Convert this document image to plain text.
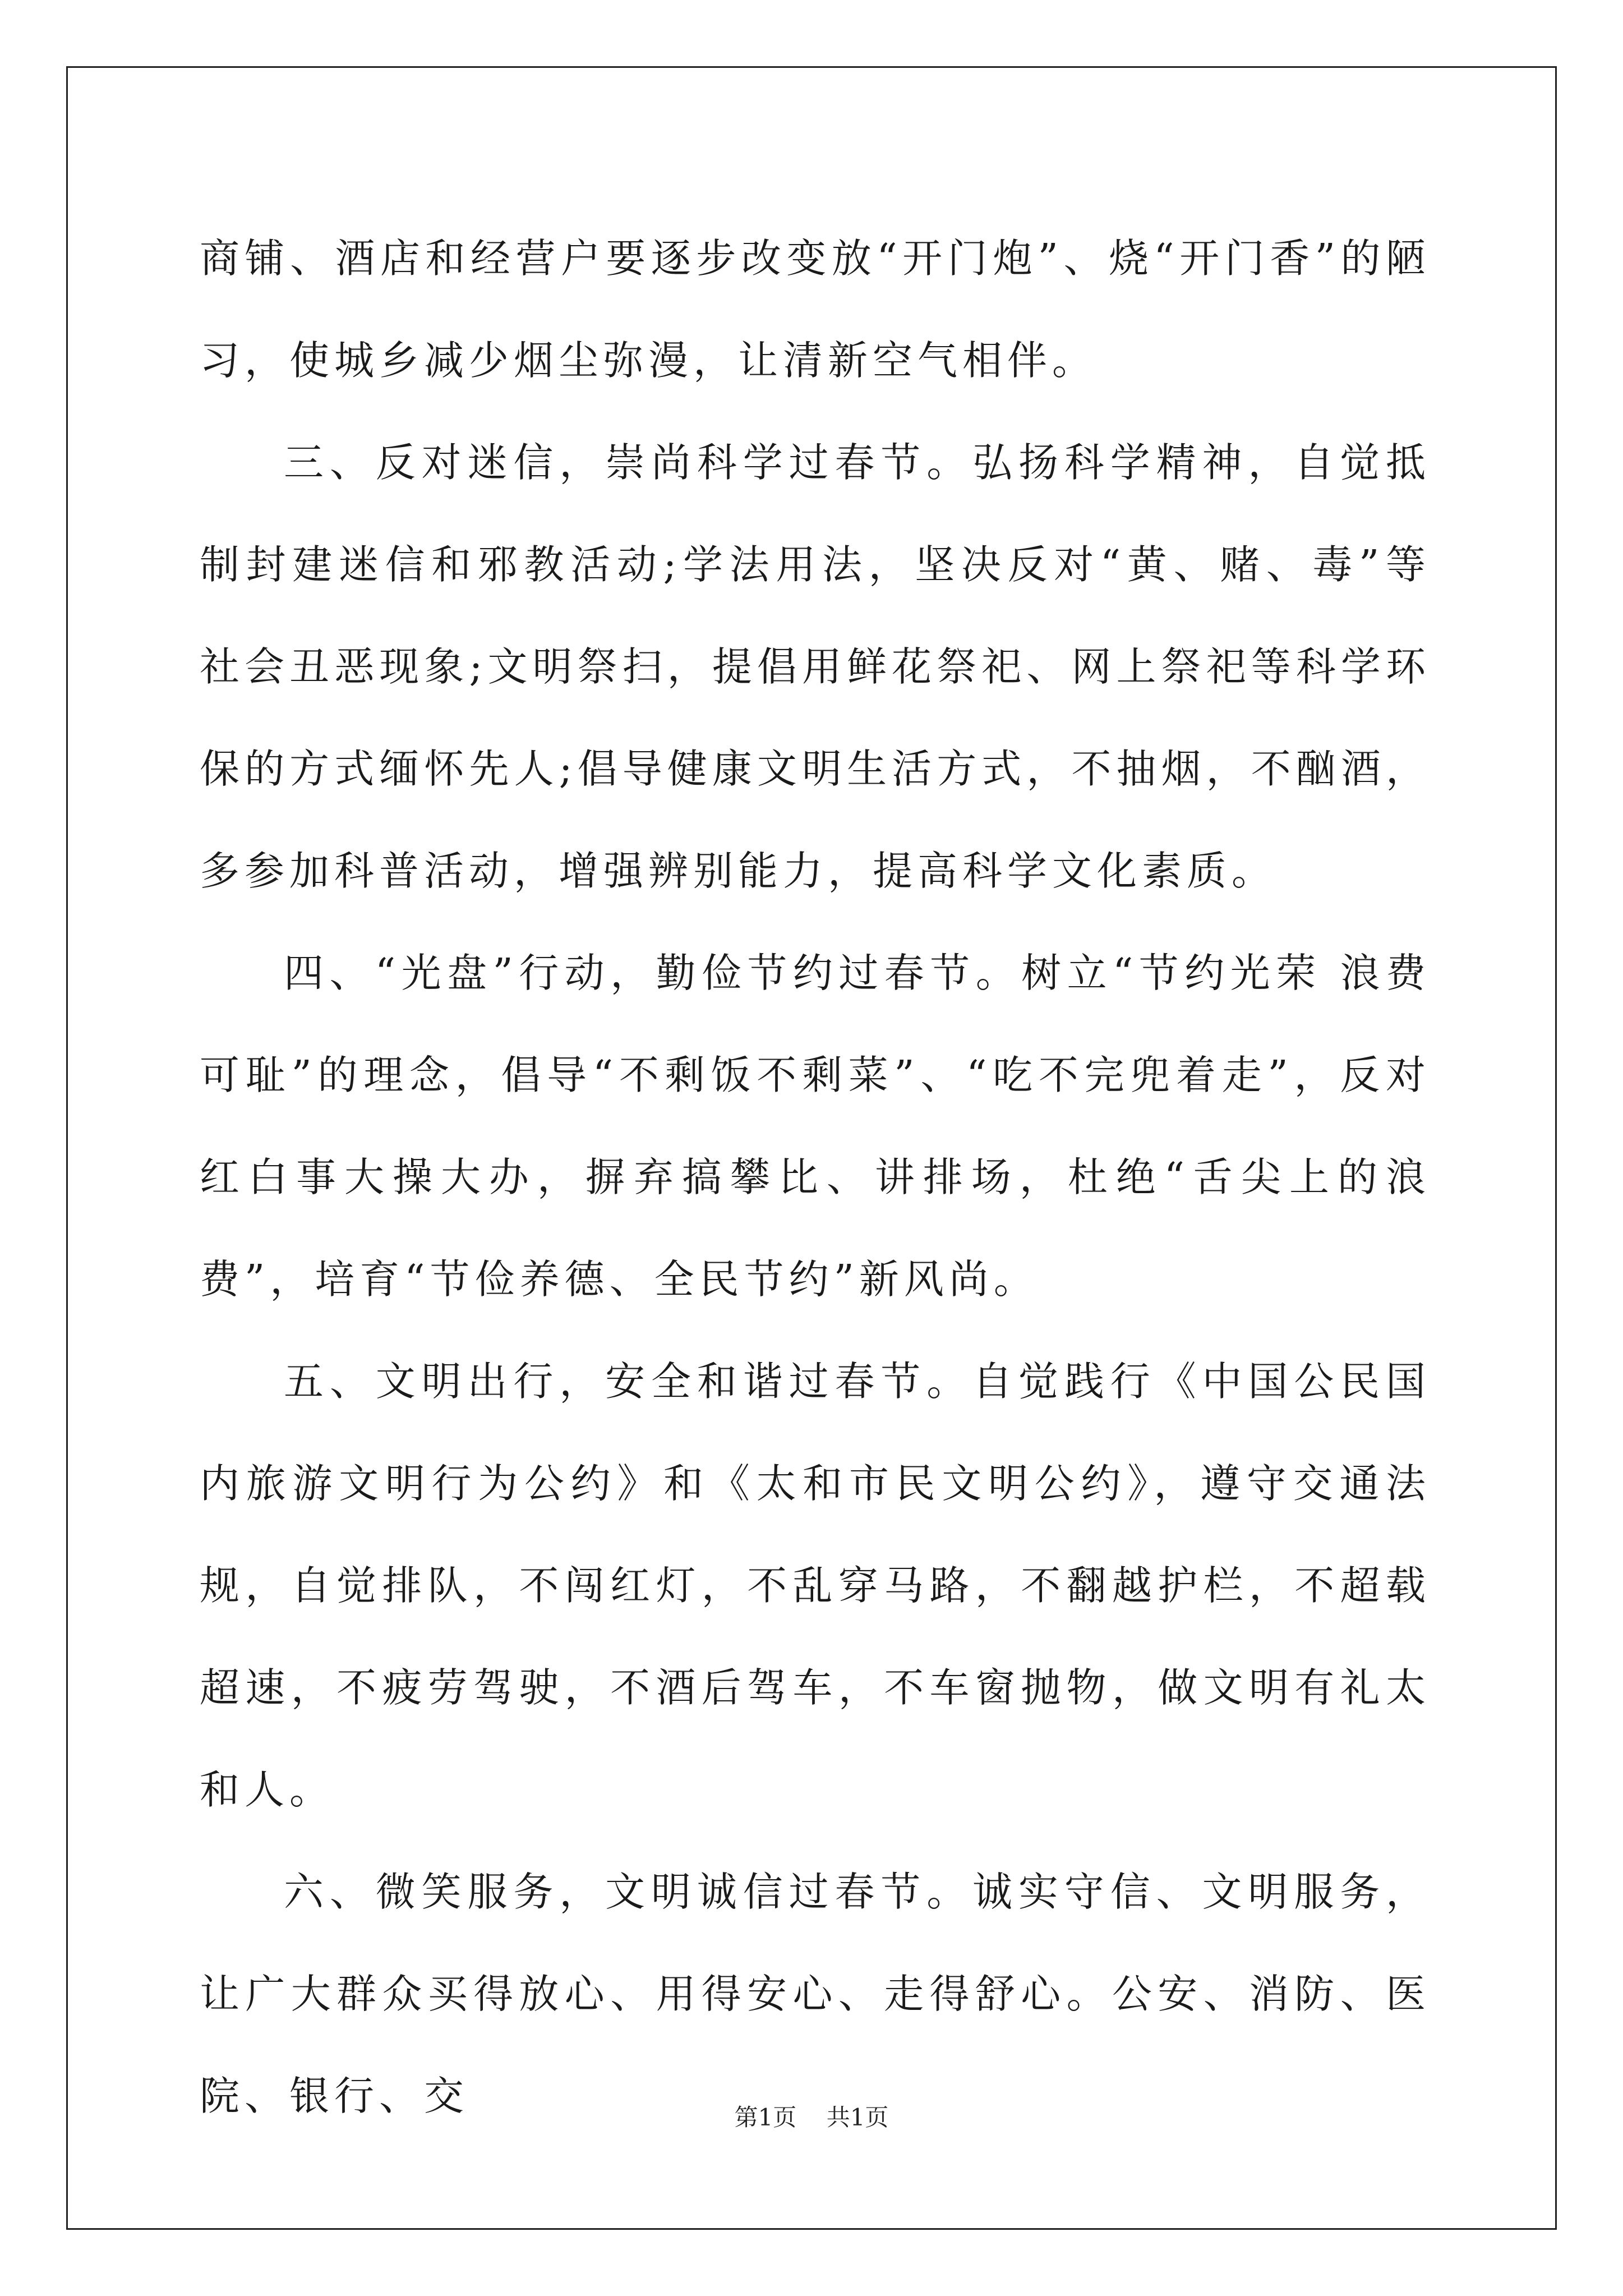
商铺、酒店和经营户要逐步改变放“开门炮”、烧“开门香”的陋习，使城乡减少烟尘弥漫，让清新空气相伴。

三、反对迷信，崇尚科学过春节。弘扬科学精神，自觉抵制封建迷信和邪教活动;学法用法，坚决反对“黄、赌、毒”等社会丑恶现象;文明祭扫，提倡用鲜花祭祀、网上祭祀等科学环保的方式缅怀先人;倡导健康文明生活方式，不抽烟，不酗酒，多参加科普活动，增强辨别能力，提高科学文化素质。

四、“光盘”行动，勤俭节约过春节。树立“节约光荣 浪费可耻”的理念，倡导“不剩饭不剩菜”、“吃不完兜着走”，反对红白事大操大办，摒弃搞攀比、讲排场，杜绝“舌尖上的浪费”，培育“节俭养德、全民节约”新风尚。

五、文明出行，安全和谐过春节。自觉践行《中国公民国内旅游文明行为公约》和《太和市民文明公约》，遵守交通法规，自觉排队，不闯红灯，不乱穿马路，不翻越护栏，不超载超速，不疲劳驾驶，不酒后驾车，不车窗抛物，做文明有礼太和人。

六、微笑服务，文明诚信过春节。诚实守信、文明服务，让广大群众买得放心、用得安心、走得舒心。公安、消防、医院、银行、交	第1页 共1页
